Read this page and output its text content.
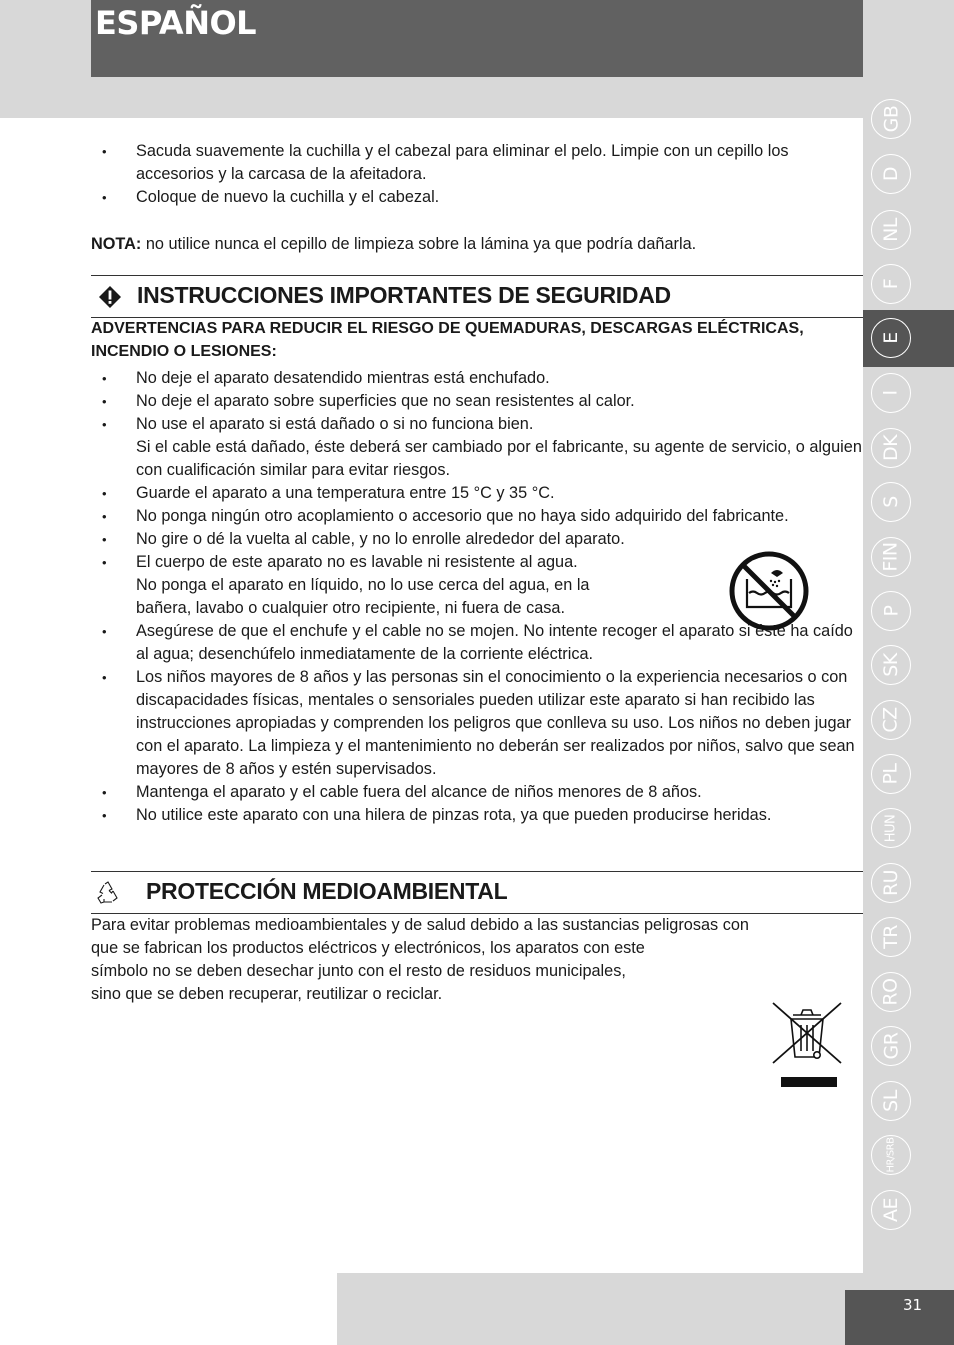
ESPAÑOL
GB
D
NL
F
E
I
DK
S
FIN
P
SK
CZ
PL
HUN
RU
TR
RO
GR
SL
HR/SRB
AE
• Sacuda suavemente la cuchilla y el cabezal para eliminar el pelo. Limpie con un cepillo los accesorios y la carcasa de la afeitadora.
• Coloque de nuevo la cuchilla y el cabezal.
NOTA: no utilice nunca el cepillo de limpieza sobre la lámina ya que podría dañarla.
INSTRUCCIONES IMPORTANTES DE SEGURIDAD
ADVERTENCIAS PARA REDUCIR EL RIESGO DE QUEMADURAS, DESCARGAS ELÉCTRICAS, INCENDIO O LESIONES:
• No deje el aparato desatendido mientras está enchufado.
• No deje el aparato sobre superficies que no sean resistentes al calor.
• No use el aparato si está dañado o si no funciona bien.
Si el cable está dañado, éste deberá ser cambiado por el fabricante, su agente de servicio, o alguien con cualificación similar para evitar riesgos.
• Guarde el aparato a una temperatura entre 15 °C y 35 °C.
• No ponga ningún otro acoplamiento o accesorio que no haya sido adquirido del fabricante.
• No gire o dé la vuelta al cable, y no lo enrolle alrededor del aparato.
• El cuerpo de este aparato no es lavable ni resistente al agua.
No ponga el aparato en líquido, no lo use cerca del agua, en la bañera, lavabo o cualquier otro recipiente, ni fuera de casa.
• Asegúrese de que el enchufe y el cable no se mojen. No intente recoger el aparato si éste ha caído al agua; desenchúfelo inmediatamente de la corriente eléctrica.
• Los niños mayores de 8 años y las personas sin el conocimiento o la experiencia necesarios o con discapacidades físicas, mentales o sensoriales pueden utilizar este aparato si han recibido las instrucciones apropiadas y comprenden los peligros que conlleva su uso. Los niños no deben jugar con el aparato. La limpieza y el mantenimiento no deberán ser realizados por niños, salvo que sean mayores de 8 años y estén supervisados.
• Mantenga el aparato y el cable fuera del alcance de niños menores de 8 años.
• No utilice este aparato con una hilera de pinzas rota, ya que pueden producirse heridas.
PROTECCIÓN MEDIOAMBIENTAL
Para evitar problemas medioambientales y de salud debido a las sustancias peligrosas con
que se fabrican los productos eléctricos y electrónicos, los aparatos con este
símbolo no se deben desechar junto con el resto de residuos municipales,
sino que se deben recuperar, reutilizar o reciclar.
31
